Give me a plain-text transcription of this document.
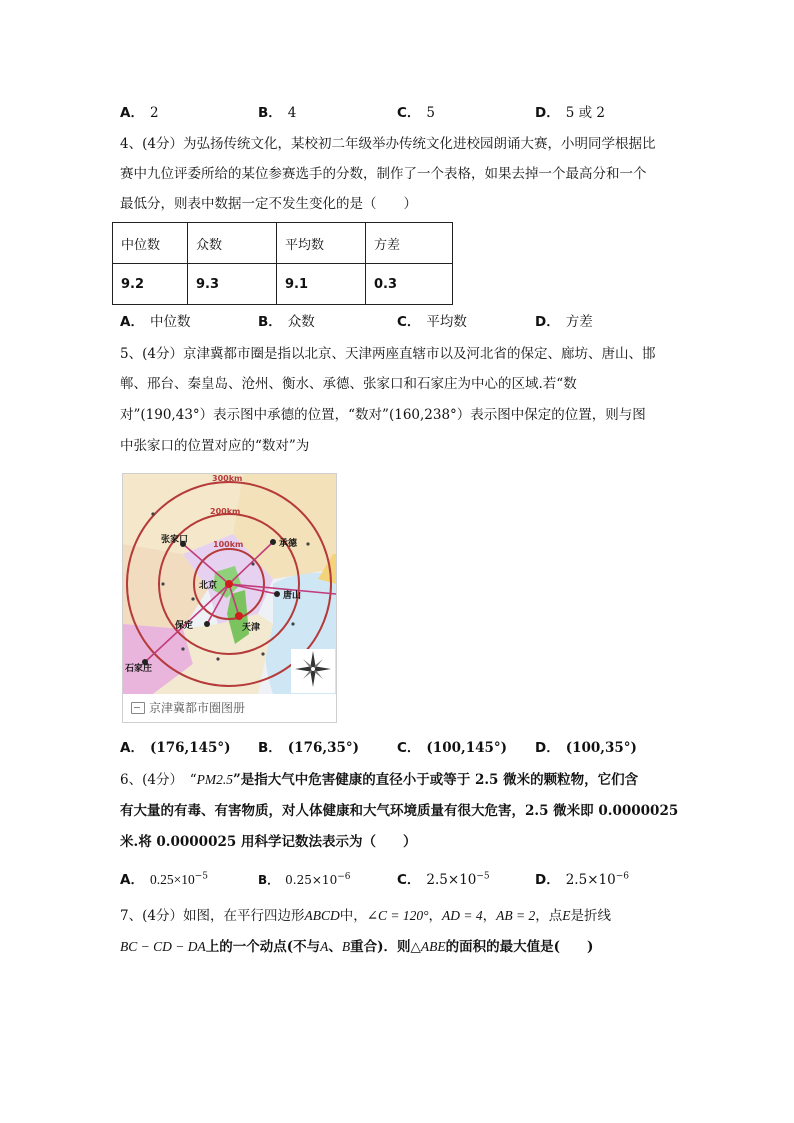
A． 2	B． 4	C． 5	D． 5 或 2
4、(4分）为弘扬传统文化，某校初二年级举办传统文化进校园朗诵大赛，小明同学根据比
赛中九位评委所给的某位参赛选手的分数，制作了一个表格，如果去掉一个最高分和一个
最低分，则表中数据一定不发生变化的是（　　）
中位数	众数	平均数	方差
9.2	9.3	9.1	0.3
A． 中位数	B． 众数	C． 平均数	D． 方差
5、(4分）京津冀都市圈是指以北京、天津两座直辖市以及河北省的保定、廊坊、唐山、邯
郸、邢台、秦皇岛、沧州、衡水、承德、张家口和石家庄为中心的区域.若“数
对”(190,43°）表示图中承德的位置，“数对”(160,238°）表示图中保定的位置，则与图
中张家口的位置对应的“数对”为
300km
200km
100km
张家口	承德
北京
唐山
保定	天津
石家庄
京津冀都市圈图册
A． (176,145°) B． (176,35°)	C． (100,145°) D． (100,35°)
6、(4分）　“PM2.5”是指大气中危害健康的直径小于或等于 2.5 微米的颗粒物，它们含
有大量的有毒、有害物质，对人体健康和大气环境质量有很大危害，2.5 微米即 0.0000025
米.将 0.0000025 用科学记数法表示为（　　）
A． $0.25\times 10^{-5}$	B． $0.25\times 10^{-6}$	C． $2.5\times 10^{-5}$	D． $2.5\times 10^{-6}$
7、(4分）如图，在平行四边形ABCD中，∠C = 120°，AD = 4，AB = 2，点E是折线
BC − CD − DA上的一个动点(不与A、B重合)．则△ABE的面积的最大值是(　　)
